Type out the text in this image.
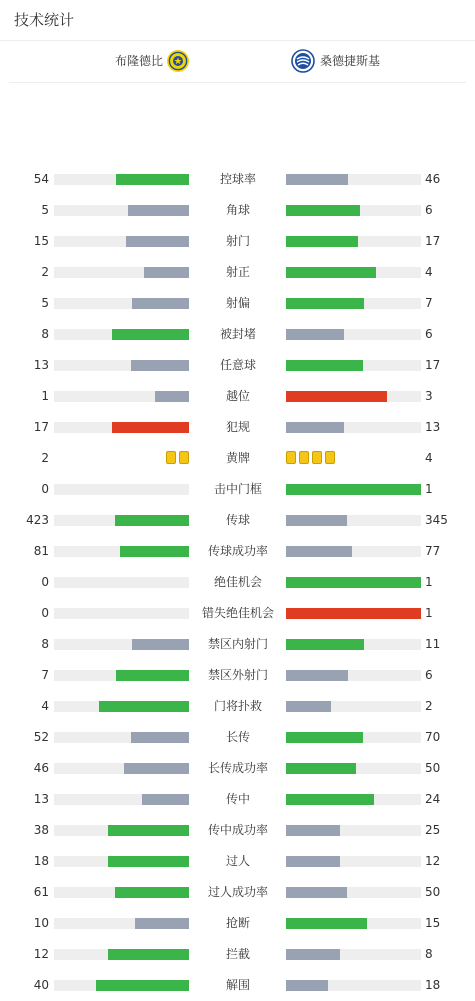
技术统计
布隆德比	桑德捷斯基
54	控球率	46
5	角球	6
15	射门	17
2	射正	4
5	射偏	7
8	被封堵	6
13	任意球	17
1	越位	3
17	犯规	13
2	黄牌	4
0	击中门框	1
423	传球	345
81	传球成功率	77
0	绝佳机会	1
0	错失绝佳机会	1
8	禁区内射门	11
7	禁区外射门	6
4	门将扑救	2
52	长传	70
46	长传成功率	50
13	传中	24
38	传中成功率	25
18	过人	12
61	过人成功率	50
10	抢断	15
12	拦截	8
40	解围	18
